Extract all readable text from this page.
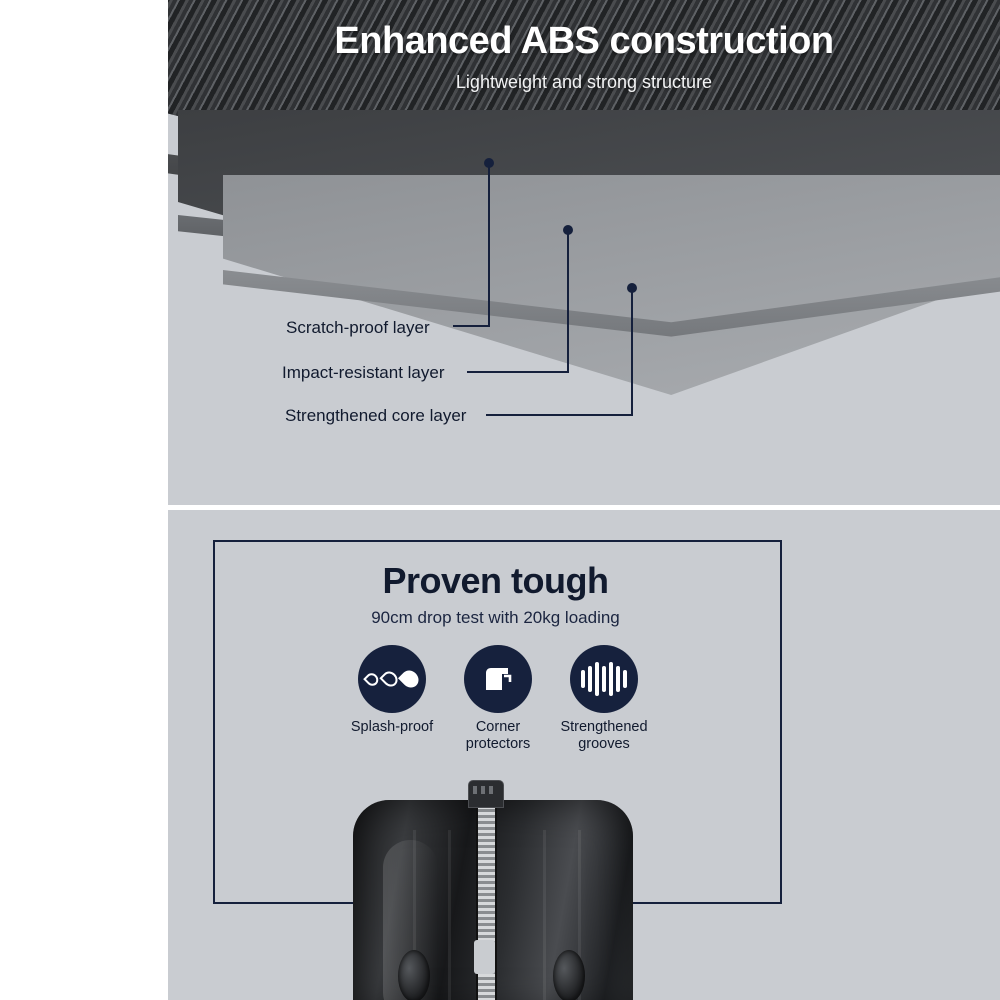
Enhanced ABS construction
Lightweight and strong structure
Scratch-proof layer
Impact-resistant layer
Strengthened core layer
Proven tough
90cm drop test with 20kg loading
Splash-proof	Corner protectors
Strengthened grooves
